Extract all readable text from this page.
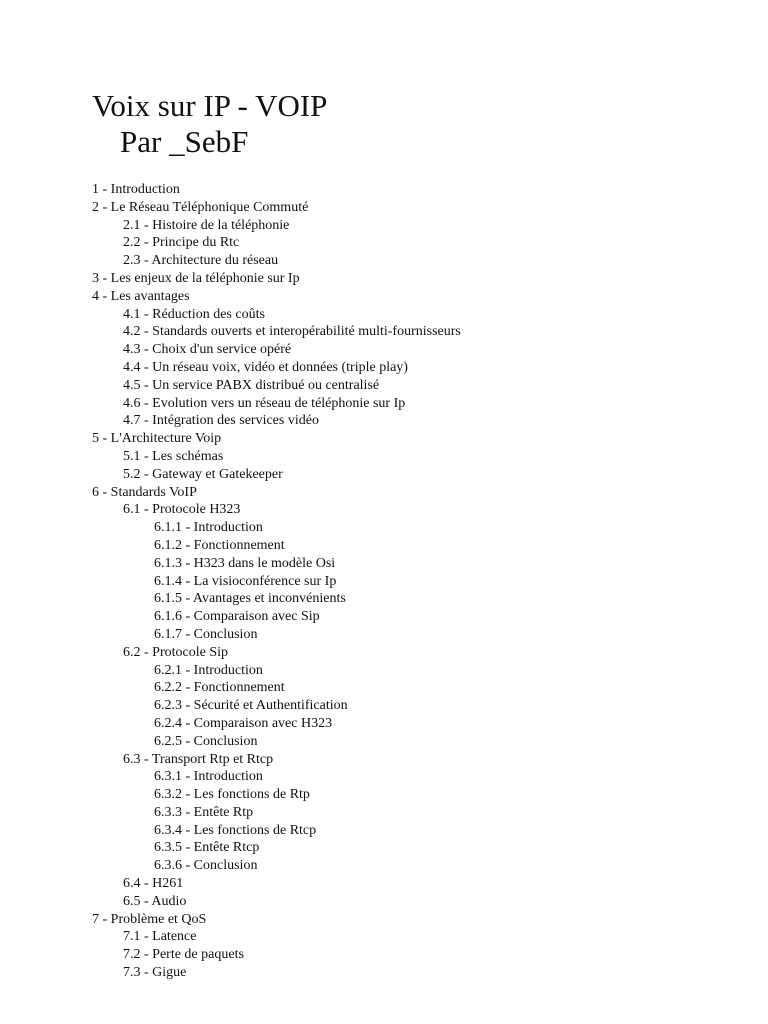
Voix sur IP - VOIP
Par _SebF
1 - Introduction
2 - Le Réseau Téléphonique Commuté
2.1 - Histoire de la téléphonie
2.2 - Principe du Rtc
2.3 - Architecture du réseau
3 - Les enjeux de la téléphonie sur Ip
4 - Les avantages
4.1 - Réduction des coûts
4.2 - Standards ouverts et interopérabilité multi-fournisseurs
4.3 - Choix d'un service opéré
4.4 - Un réseau voix, vidéo et données (triple play)
4.5 - Un service PABX distribué ou centralisé
4.6 - Evolution vers un réseau de téléphonie sur Ip
4.7 - Intégration des services vidéo
5 - L'Architecture Voip
5.1 - Les schémas
5.2 - Gateway et Gatekeeper
6 - Standards VoIP
6.1 - Protocole H323
6.1.1 - Introduction
6.1.2 - Fonctionnement
6.1.3 - H323 dans le modèle Osi
6.1.4 - La visioconférence sur Ip
6.1.5 - Avantages et inconvénients
6.1.6 - Comparaison avec Sip
6.1.7 - Conclusion
6.2 - Protocole Sip
6.2.1 - Introduction
6.2.2 - Fonctionnement
6.2.3 - Sécurité et Authentification
6.2.4 - Comparaison avec H323
6.2.5 - Conclusion
6.3 - Transport Rtp et Rtcp
6.3.1 - Introduction
6.3.2 - Les fonctions de Rtp
6.3.3 - Entête Rtp
6.3.4 - Les fonctions de Rtcp
6.3.5 - Entête Rtcp
6.3.6 - Conclusion
6.4 - H261
6.5 - Audio
7 - Problème et QoS
7.1 - Latence
7.2 - Perte de paquets
7.3 - Gigue
